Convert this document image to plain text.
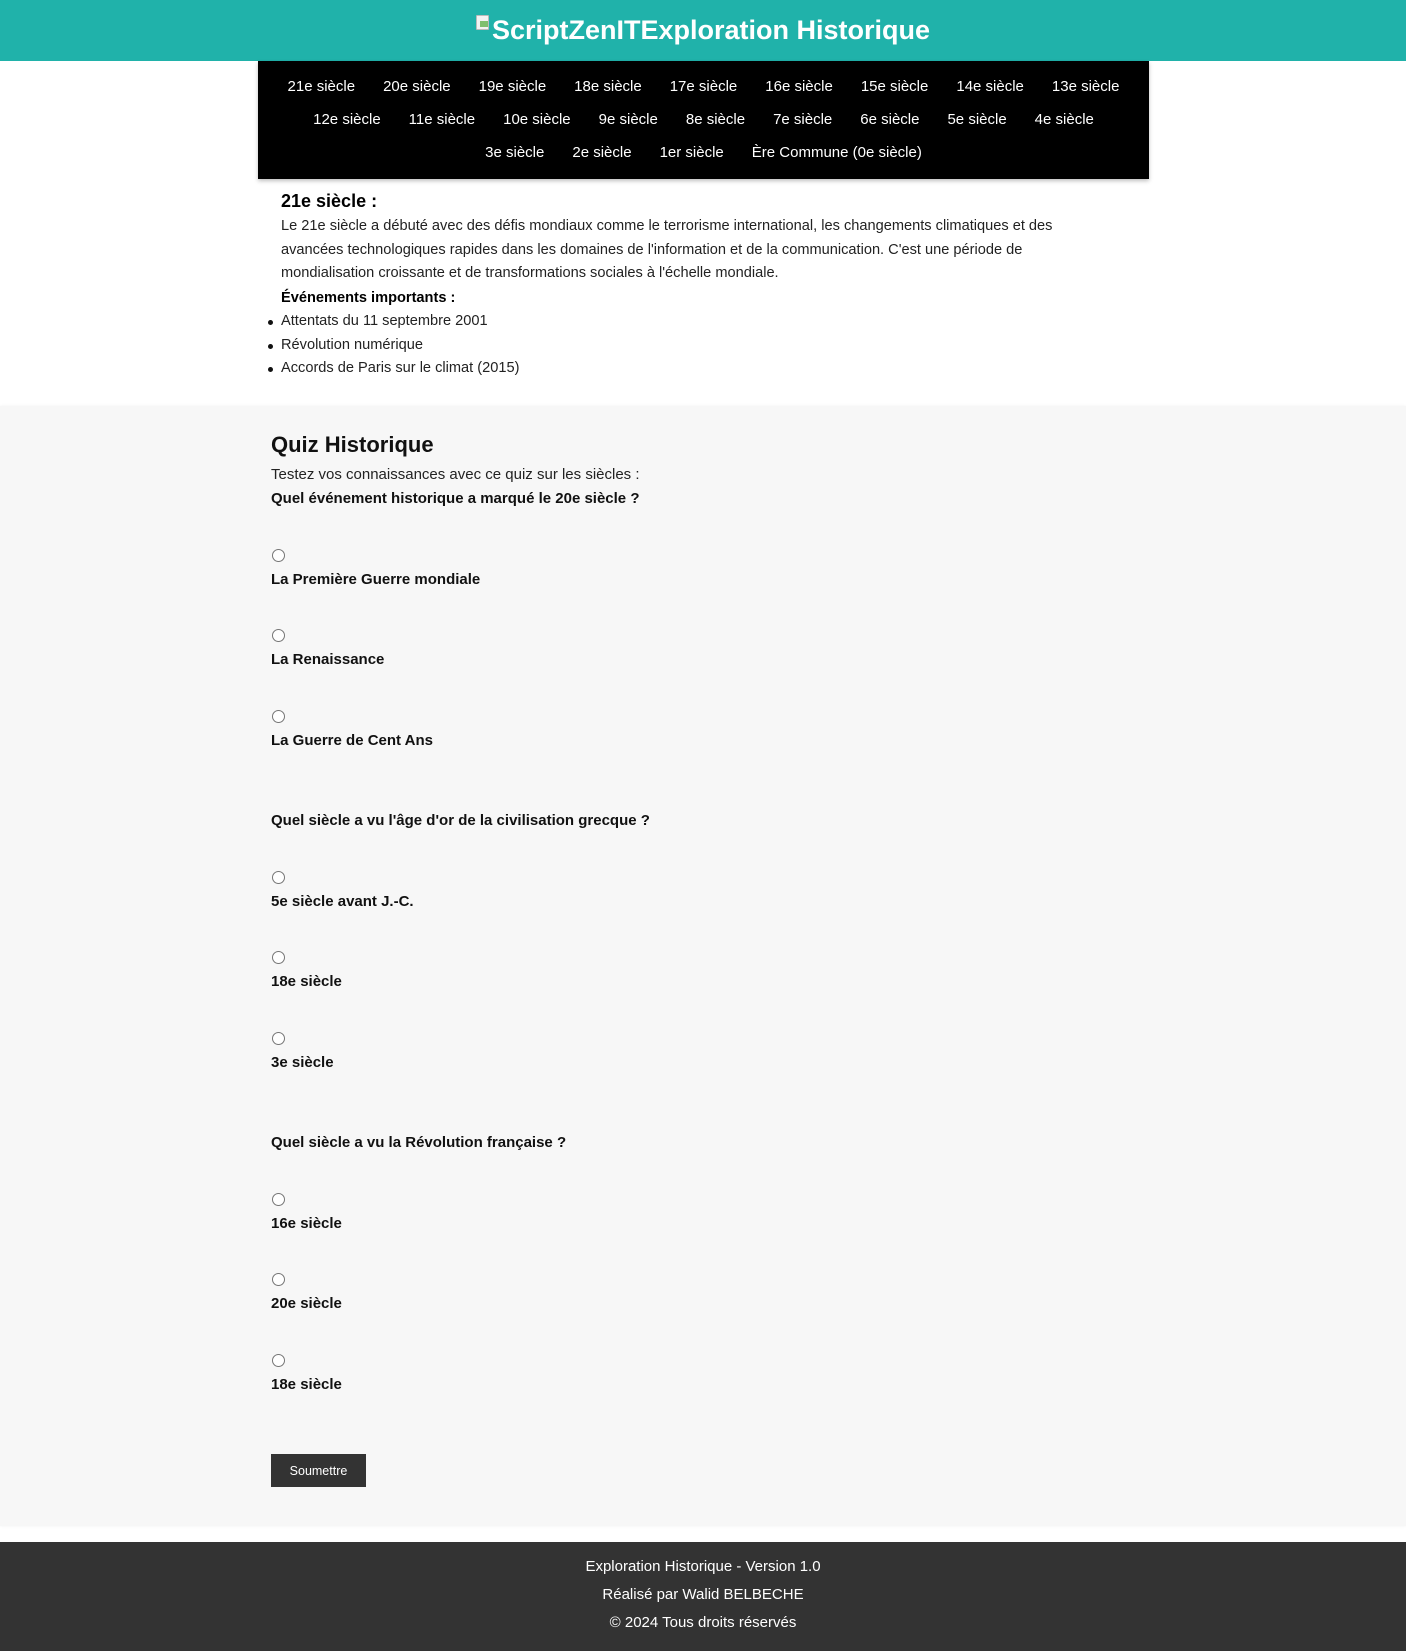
ScriptZenIT Exploration Historique
21e siècle	20e siècle	19e siècle	18e siècle	17e siècle	16e siècle	15e siècle	14e siècle	13e siècle
12e siècle	11e siècle	10e siècle	9e siècle	8e siècle	7e siècle	6e siècle	5e siècle	4e siècle
3e siècle	2e siècle	1er siècle	Ère Commune (0e siècle)
21e siècle :

Le 21e siècle a débuté avec des défis mondiaux comme le terrorisme international, les changements climatiques et des avancées technologiques rapides dans les domaines de l'information et de la communication. C'est une période de mondialisation croissante et de transformations sociales à l'échelle mondiale.

Événements importants :

Attentats du 11 septembre 2001
Révolution numérique
Accords de Paris sur le climat (2015)
Quiz Historique

Testez vos connaissances avec ce quiz sur les siècles :

Quel événement historique a marqué le 20e siècle ?

La Première Guerre mondiale
La Renaissance
La Guerre de Cent Ans

Quel siècle a vu l'âge d'or de la civilisation grecque ?

5e siècle avant J.-C.
18e siècle
3e siècle

Quel siècle a vu la Révolution française ?

16e siècle
20e siècle
18e siècle
Soumettre

Exploration Historique - Version 1.0

Réalisé par Walid BELBECHE

© 2024 Tous droits réservés
